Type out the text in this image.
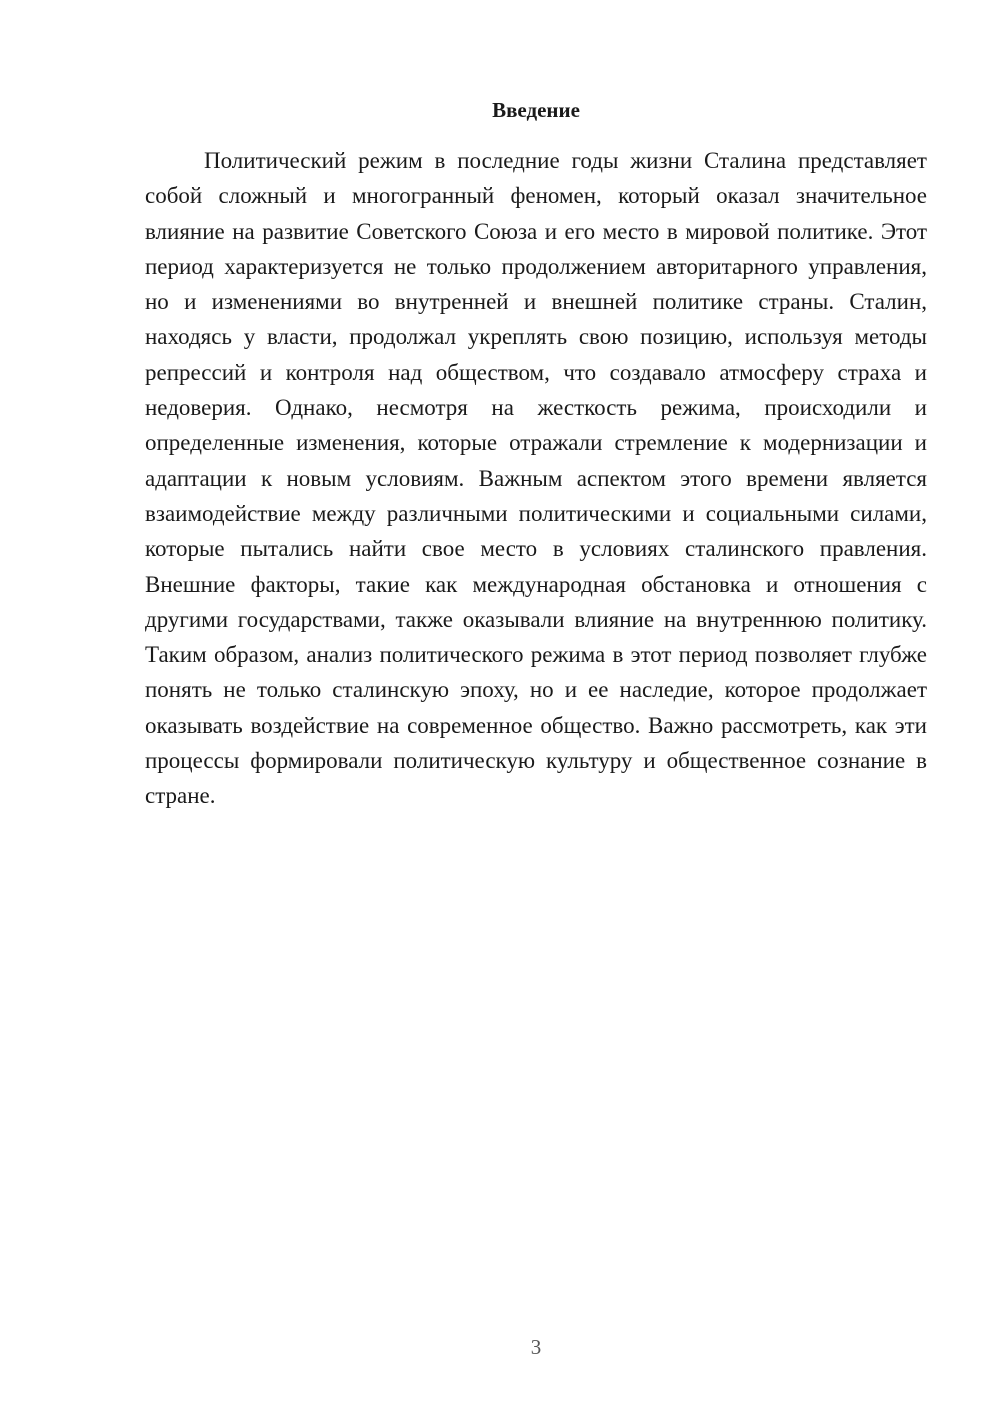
Введение

Политический режим в последние годы жизни Сталина представляет собой сложный и многогранный феномен, который оказал значительное влияние на развитие Советского Союза и его место в мировой политике. Этот период характеризуется не только продолжением авторитарного управления, но и изменениями во внутренней и внешней политике страны. Сталин, находясь у власти, продолжал укреплять свою позицию, используя методы репрессий и контроля над обществом, что создавало атмосферу страха и недоверия. Однако, несмотря на жесткость режима, происходили и определенные изменения, которые отражали стремление к модернизации и адаптации к новым условиям. Важным аспектом этого времени является взаимодействие между различными политическими и социальными силами, которые пытались найти свое место в условиях сталинского правления. Внешние факторы, такие как международная обстановка и отношения с другими государствами, также оказывали влияние на внутреннюю политику. Таким образом, анализ политического режима в этот период позволяет глубже понять не только сталинскую эпоху, но и ее наследие, которое продолжает оказывать воздействие на современное общество. Важно рассмотреть, как эти процессы формировали политическую культуру и общественное сознание в стране.

3
